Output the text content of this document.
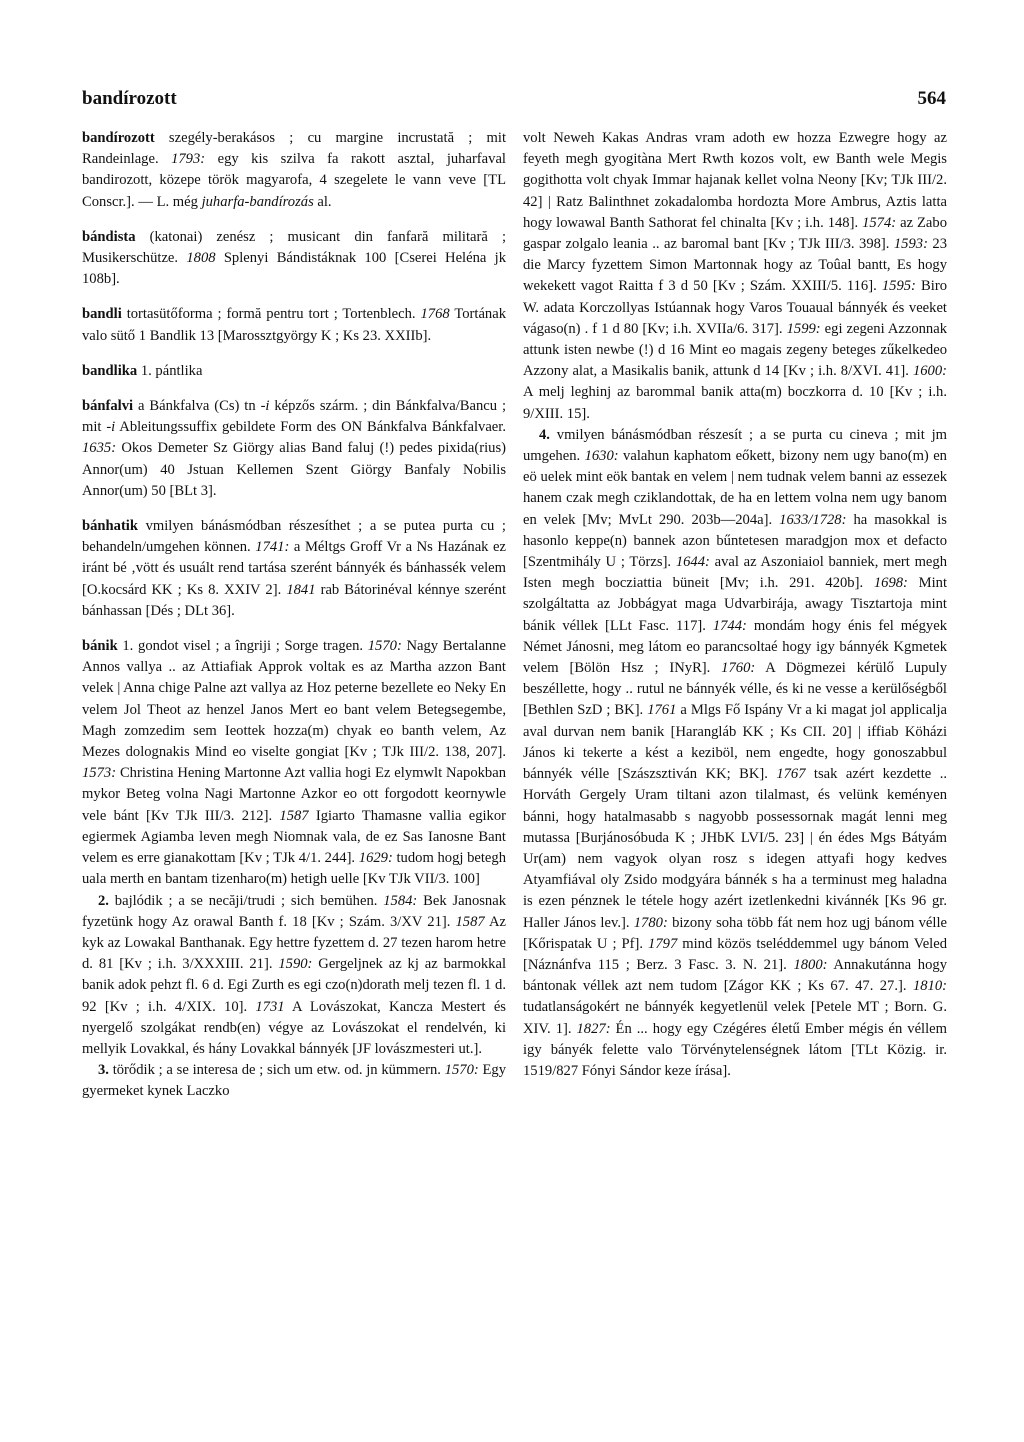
bandírozott	564

bandírozott szegély-berakásos ; cu margine incrustată ; mit Randeinlage. 1793: egy kis szilva fa rakott asztal, juharfaval bandirozott, közepe török magyarofa, 4 szegelete le vann veve [TL Conscr.]. — L. még juharfa-bandírozás al.

bándista (katonai) zenész ; musicant din fanfară militară ; Musikerschütze. 1808 Splenyi Bándistáknak 100 [Cserei Heléna jk 108b].

bandli tortasütőforma ; formă pentru tort ; Tortenblech. 1768 Tortának valo sütő 1 Bandlik 13 [Marossztgyörgy K ; Ks 23. XXIIb].

bandlika 1. pántlika

bánfalvi a Bánkfalva (Cs) tn -i képzős szárm. ; din Bánkfalva/Bancu ; mit -i Ableitungssuffix gebildete Form des ON Bánkfalva Bánkfalvaer. 1635: Okos Demeter Sz Giörgy alias Band faluj (!) pedes pixida(rius) Annor(um) 40 Jstuan Kellemen Szent Giörgy Banfaly Nobilis Annor(um) 50 [BLt 3].

bánhatik vmilyen bánásmódban részesíthet ; a se putea purta cu ; behandeln/umgehen können. 1741: a Méltgs Groff Vr a Ns Hazának ez iránt bé ‚vött és usuált rend tartása szerént bánnyék és bánhassék velem [O.kocsárd KK ; Ks 8. XXIV 2]. 1841 rab Bátorinéval kénnye szerént bánhassan [Dés ; DLt 36].

bánik 1. gondot visel ; a îngriji ; Sorge tragen. 1570: Nagy Bertalanne Annos vallya .. az Attiafiak Approk voltak es az Martha azzon Bant velek | Anna chige Palne azt vallya az Hoz peterne bezellete eo Neky En velem Jol Theot az henzel Janos Mert eo bant velem Betegsegembe, Magh zomzedim sem Ieottek hozza(m) chyak eo banth velem, Az Mezes dolognakis Mind eo viselte gongiat [Kv ; TJk III/2. 138, 207]. 1573: Christina Hening Martonne Azt vallia hogi Ez elymwlt Napokban mykor Beteg volna Nagi Martonne Azkor eo ott forgodott keornywle vele bánt [Kv TJk III/3. 212]. 1587 Igiarto Thamasne vallia egikor egiermek Agiamba leven megh Niomnak vala, de ez Sas Ianosne Bant velem es erre gianakottam [Kv ; TJk 4/1. 244]. 1629: tudom hogj betegh uala merth en bantam tizenharo(m) hetigh uelle [Kv TJk VII/3. 100]

2. bajlódik ; a se necăji/trudi ; sich bemühen. 1584: Bek Janosnak fyzetünk hogy Az orawal Banth f. 18 [Kv ; Szám. 3/XV 21]. 1587 Az kyk az Lowakal Banthanak. Egy hettre fyzettem d. 27 tezen harom hetre d. 81 [Kv ; i.h. 3/XXXIII. 21]. 1590: Gergeljnek az kj az barmokkal banik adok pehzt fl. 6 d. Egi Zurth es egi czo(n)dorath melj tezen fl. 1 d. 92 [Kv ; i.h. 4/XIX. 10]. 1731 A Lovászokat, Kancza Mestert és nyergelő szolgákat rendb(en) végye az Lovászokat el rendelvén, ki mellyik Lovakkal, és hány Lovakkal bánnyék [JF lovászmesteri ut.].

3. törődik ; a se interesa de ; sich um etw. od. jn kümmern. 1570: Egy gyermeket kynek Laczko

volt Neweh Kakas Andras vram adoth ew hozza Ezwegre hogy az feyeth megh gyogitàna Mert Rwth kozos volt, ew Banth wele Megis gogithotta volt chyak Immar hajanak kellet volna Neony [Kv; TJk III/2. 42] | Ratz Balinthnet zokadalomba hordozta More Ambrus, Aztis latta hogy lowawal Banth Sathorat fel chinalta [Kv ; i.h. 148]. 1574: az Zabo gaspar zolgalo leania .. az baromal bant [Kv ; TJk III/3. 398]. 1593: 23 die Marcy fyzettem Simon Martonnak hogy az Toûal bantt, Es hogy wekekett vagot Raitta f 3 d 50 [Kv ; Szám. XXIII/5. 116]. 1595: Biro W. adata Korczollyas Istúannak hogy Varos Touaual bánnyék és veeket vágaso(n) . f 1 d 80 [Kv; i.h. XVIIa/6. 317]. 1599: egi zegeni Azzonnak attunk isten newbe (!) d 16 Mint eo magais zegeny beteges zűkelkedeo Azzony alat, a Masikalis banik, attunk d 14 [Kv ; i.h. 8/XVI. 41]. 1600: A melj leghinj az barommal banik atta(m) boczkorra d. 10 [Kv ; i.h. 9/XIII. 15].

4. vmilyen bánásmódban részesít ; a se purta cu cineva ; mit jm umgehen. 1630: valahun kaphatom eőkett, bizony nem ugy bano(m) en eö uelek mint eök bantak en velem | nem tudnak velem banni az essezek hanem czak megh cziklandottak, de ha en lettem volna nem ugy banom en velek [Mv; MvLt 290. 203b—204a]. 1633/1728: ha masokkal is hasonlo keppe(n) bannek azon bűntetesen maradgjon mox et defacto [Szentmihály U ; Törzs]. 1644: aval az Aszoniaiol banniek, mert megh Isten megh bocziattia büneit [Mv; i.h. 291. 420b]. 1698: Mint szolgáltatta az Jobbágyat maga Udvarbirája, awagy Tisztartoja mint bánik véllek [LLt Fasc. 117]. 1744: mondám hogy énis fel mégyek Német Jánosni, meg látom eo parancsoltaé hogy igy bánnyék Kgmetek velem [Bölön Hsz ; INyR]. 1760: A Dögmezei kérülő Lupuly beszéllette, hogy .. rutul ne bánnyék vélle, és ki ne vesse a kerülőségből [Bethlen SzD ; BK]. 1761 a Mlgs Fő Ispány Vr a ki magat jol applicalja aval durvan nem banik [Harangláb KK ; Ks CII. 20] | iffiab Köházi János ki tekerte a kést a keziböl, nem engedte, hogy gonoszabbul bánnyék vélle [Szászsztiván KK; BK]. 1767 tsak azért kezdette .. Horváth Gergely Uram tiltani azon tilalmast, és velünk keményen bánni, hogy hatalmasabb s nagyobb possessornak magát lenni meg mutassa [Burjánosóbuda K ; JHbK LVI/5. 23] | én édes Mgs Bátyám Ur(am) nem vagyok olyan rosz s idegen attyafi hogy kedves Atyamfiával oly Zsido modgyára bánnék s ha a terminust meg haladna is ezen pénznek le tétele hogy azért izetlenkedni kivánnék [Ks 96 gr. Haller János lev.]. 1780: bizony soha több fát nem hoz ugj bánom vélle [Kőrispatak U ; Pf]. 1797 mind közös tseléddemmel ugy bánom Veled [Náznánfva 115 ; Berz. 3 Fasc. 3. N. 21]. 1800: Annakutánna hogy bántonak véllek azt nem tudom [Zágor KK ; Ks 67. 47. 27.]. 1810: tudatlanságokért ne bánnyék kegyetlenül velek [Petele MT ; Born. G. XIV. 1]. 1827: Én ... hogy egy Czégéres életű Ember mégis én véllem igy bányék felette valo Törvénytelenségnek látom [TLt Közig. ir. 1519/827 Fónyi Sándor keze írása].
